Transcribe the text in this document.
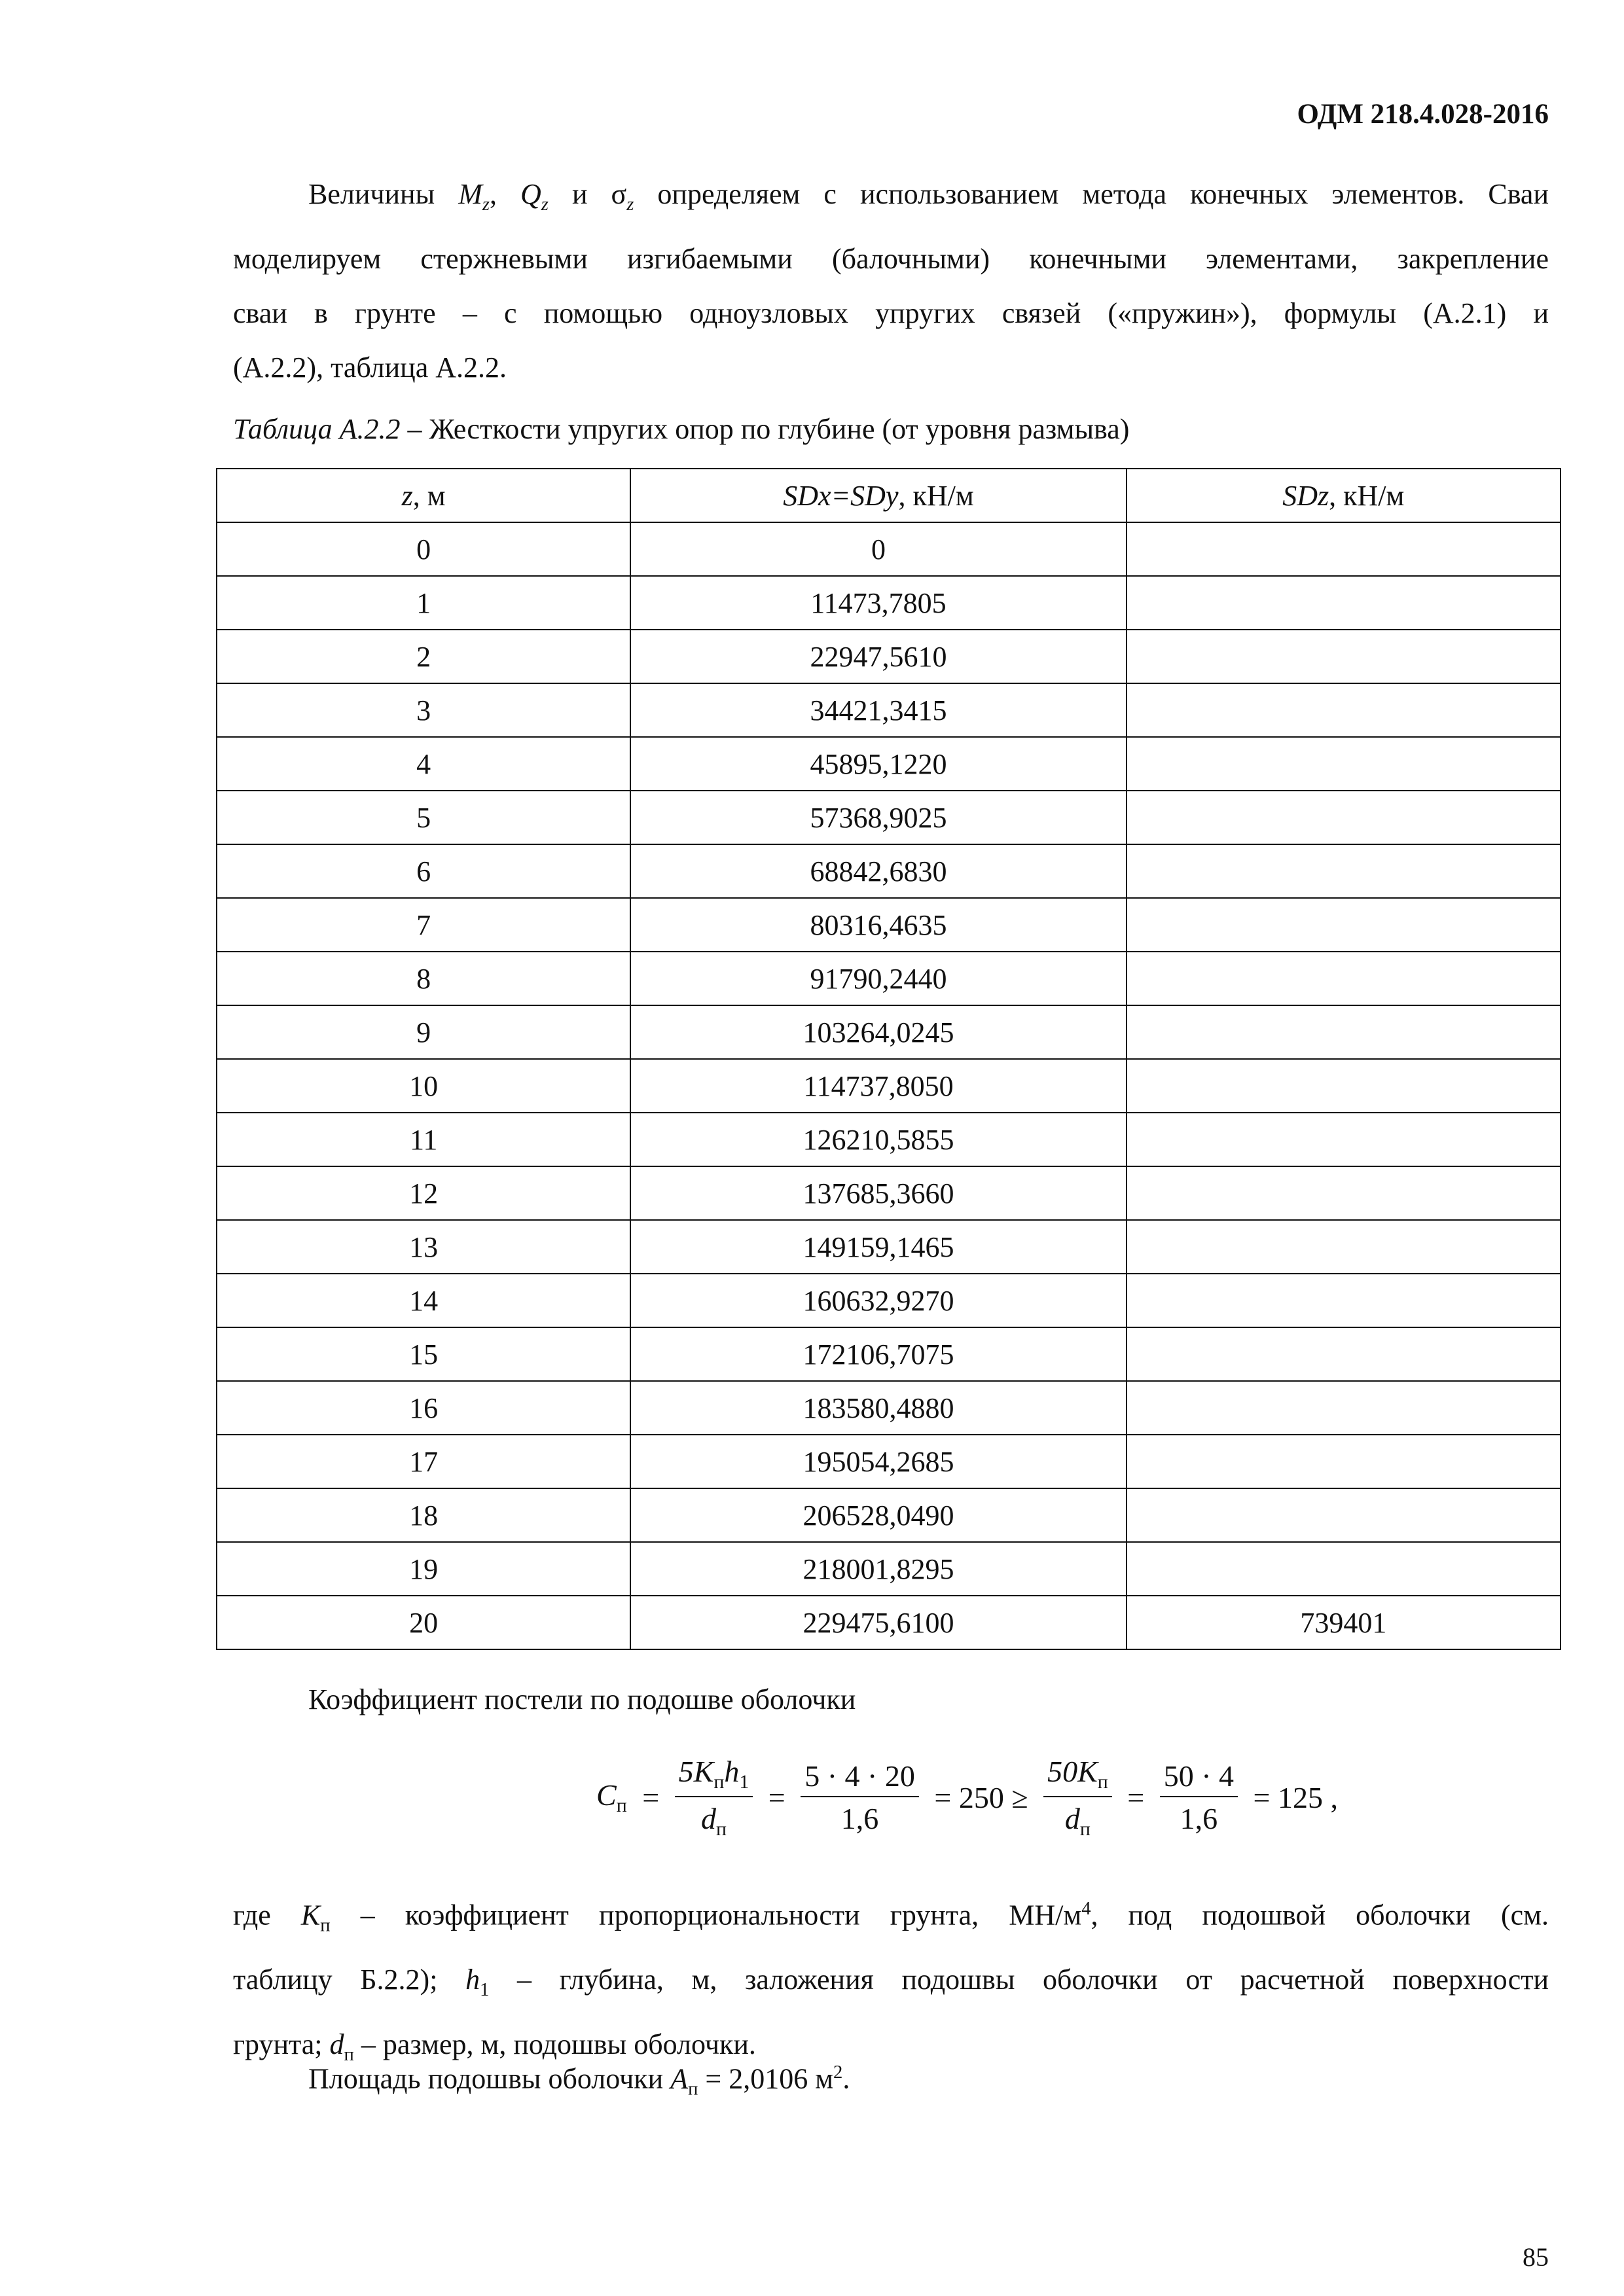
ОДМ 218.4.028-2016
Величины $M_z$, $Q_z$ и $\sigma_z$ определяем с использованием метода конечных элементов. Сваи
моделируем стержневыми изгибаемыми (балочными) конечными элементами, закрепление
сваи в грунте – с помощью одноузловых упругих связей («пружин»), формулы (А.2.1) и
(А.2.2), таблица А.2.2.
Таблица А.2.2 – Жесткости упругих опор по глубине (от уровня размыва)
z, м	SDx=SDy, кН/м	SDz, кН/м
0	0	
1	11473,7805	
2	22947,5610	
3	34421,3415	
4	45895,1220	
5	57368,9025	
6	68842,6830	
7	80316,4635	
8	91790,2440	
9	103264,0245	
10	114737,8050	
11	126210,5855	
12	137685,3660	
13	149159,1465	
14	160632,9270	
15	172106,7075	
16	183580,4880	
17	195054,2685	
18	206528,0490	
19	218001,8295	
20	229475,6100	739401
Коэффициент постели по подошве оболочки
$C_п = \frac{5K_пh_1}{d_п} = \frac{5 \cdot 4 \cdot 20}{1,6} = 250 \ge \frac{50K_п}{d_п} = \frac{50 \cdot 4}{1,6} = 125$ ,
где $K_п$ – коэффициент пропорциональности грунта, $МН/м^4$, под подошвой оболочки (см.
таблицу Б.2.2); $h_1$ – глубина, м, заложения подошвы оболочки от расчетной поверхности
грунта; $d_п$ – размер, м, подошвы оболочки.
Площадь подошвы оболочки $A_п = 2,0106$ $м^2$.
85
